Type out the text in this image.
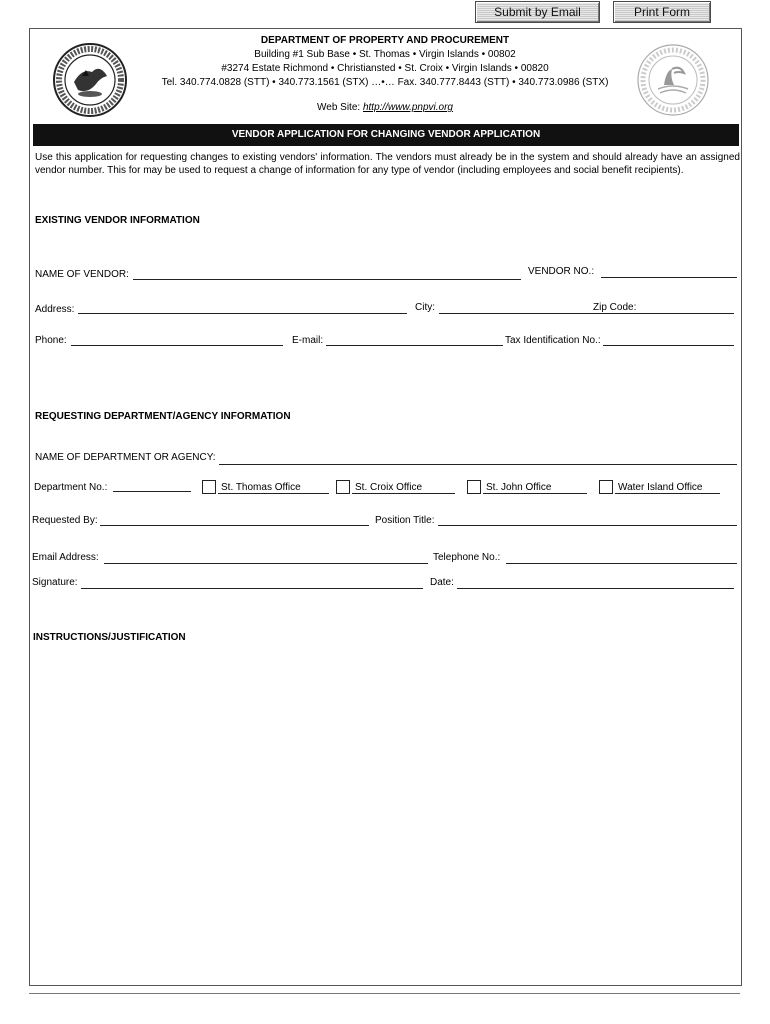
Submit by Email	Print Form
DEPARTMENT OF PROPERTY AND PROCUREMENT
Building #1 Sub Base • St. Thomas • Virgin Islands • 00802
#3274 Estate Richmond • Christiansted • St. Croix • Virgin Islands • 00820
Tel. 340.774.0828 (STT) • 340.773.1561 (STX) …•… Fax. 340.777.8443 (STT) • 340.773.0986 (STX)
Web Site: http://www.pnpvi.org
VENDOR APPLICATION FOR CHANGING VENDOR APPLICATION
Use this application for requesting changes to existing vendors' information. The vendors must already be in the system and should already have an assigned vendor number. This for may be used to request a change of information for any type of vendor (including employees and social benefit recipients).
EXISTING VENDOR INFORMATION
NAME OF VENDOR:	VENDOR NO.:
Address:	City:	Zip Code:
Phone:	E-mail:	Tax Identification No.:
REQUESTING DEPARTMENT/AGENCY INFORMATION
NAME OF DEPARTMENT OR AGENCY:
Department No.:	St. Thomas Office	St. Croix Office	St. John Office	Water Island Office
Requested By:	Position Title:
Email Address:	Telephone No.:
Signature:	Date:
INSTRUCTIONS/JUSTIFICATION
